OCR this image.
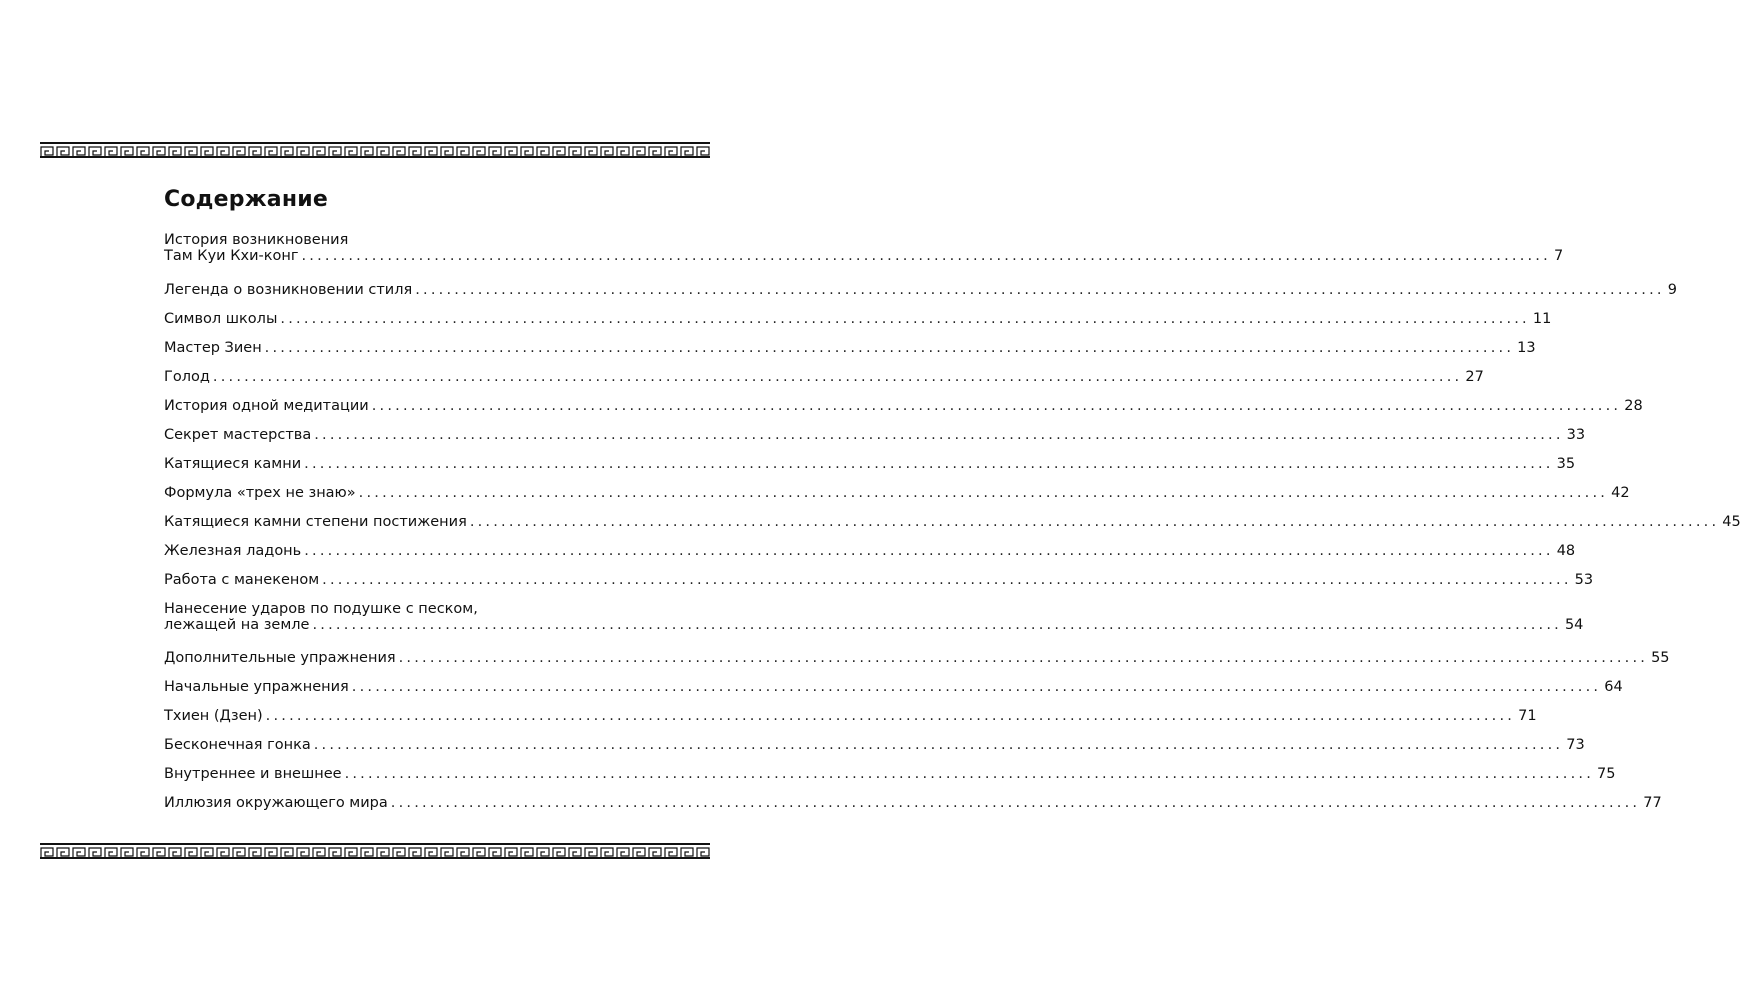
Содержание
История возникновения
Там Куи Кхи-конг ................................................................................................................................................................ 7
Легенда о возникновении стиля ................................................................................................................................................................ 9
Символ школы ................................................................................................................................................................ 11
Мастер Зиен ................................................................................................................................................................ 13
Голод ................................................................................................................................................................ 27
История одной медитации ................................................................................................................................................................ 28
Секрет мастерства ................................................................................................................................................................ 33
Катящиеся камни ................................................................................................................................................................ 35
Формула «трех не знаю» ................................................................................................................................................................ 42
Катящиеся камни степени постижения ................................................................................................................................................................ 45
Железная ладонь ................................................................................................................................................................ 48
Работа с манекеном ................................................................................................................................................................ 53
Нанесение ударов по подушке с песком,
лежащей на земле ................................................................................................................................................................ 54
Дополнительные упражнения ................................................................................................................................................................ 55
Начальные упражнения ................................................................................................................................................................ 64
Тхиен (Дзен) ................................................................................................................................................................ 71
Бесконечная гонка ................................................................................................................................................................ 73
Внутреннее и внешнее ................................................................................................................................................................ 75
Иллюзия окружающего мира ................................................................................................................................................................ 77
